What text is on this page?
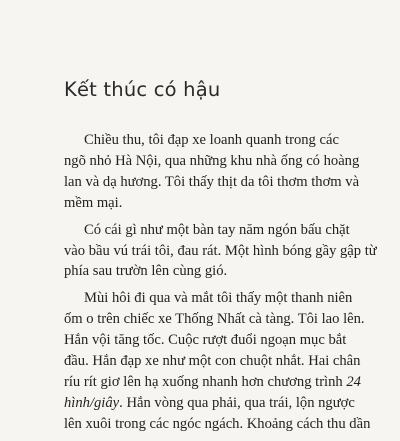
Kết thúc có hậu

Chiều thu, tôi đạp xe loanh quanh trong các
ngõ nhỏ Hà Nội, qua những khu nhà ống có hoàng
lan và dạ hương. Tôi thấy thịt da tôi thơm thơm và
mềm mại.

Có cái gì như một bàn tay năm ngón bấu chặt
vào bầu vú trái tôi, đau rát. Một hình bóng gầy gập từ
phía sau trườn lên cùng gió.

Mùi hôi đi qua và mắt tôi thấy một thanh niên
ốm o trên chiếc xe Thống Nhất cà tàng. Tôi lao lên.
Hắn vội tăng tốc. Cuộc rượt đuổi ngoạn mục bắt
đầu. Hắn đạp xe như một con chuột nhắt. Hai chân
ríu rít giơ lên hạ xuống nhanh hơn chương trình 24
hình/giây. Hắn vòng qua phải, qua trái, lộn ngược
lên xuôi trong các ngóc ngách. Khoảng cách thu dần
